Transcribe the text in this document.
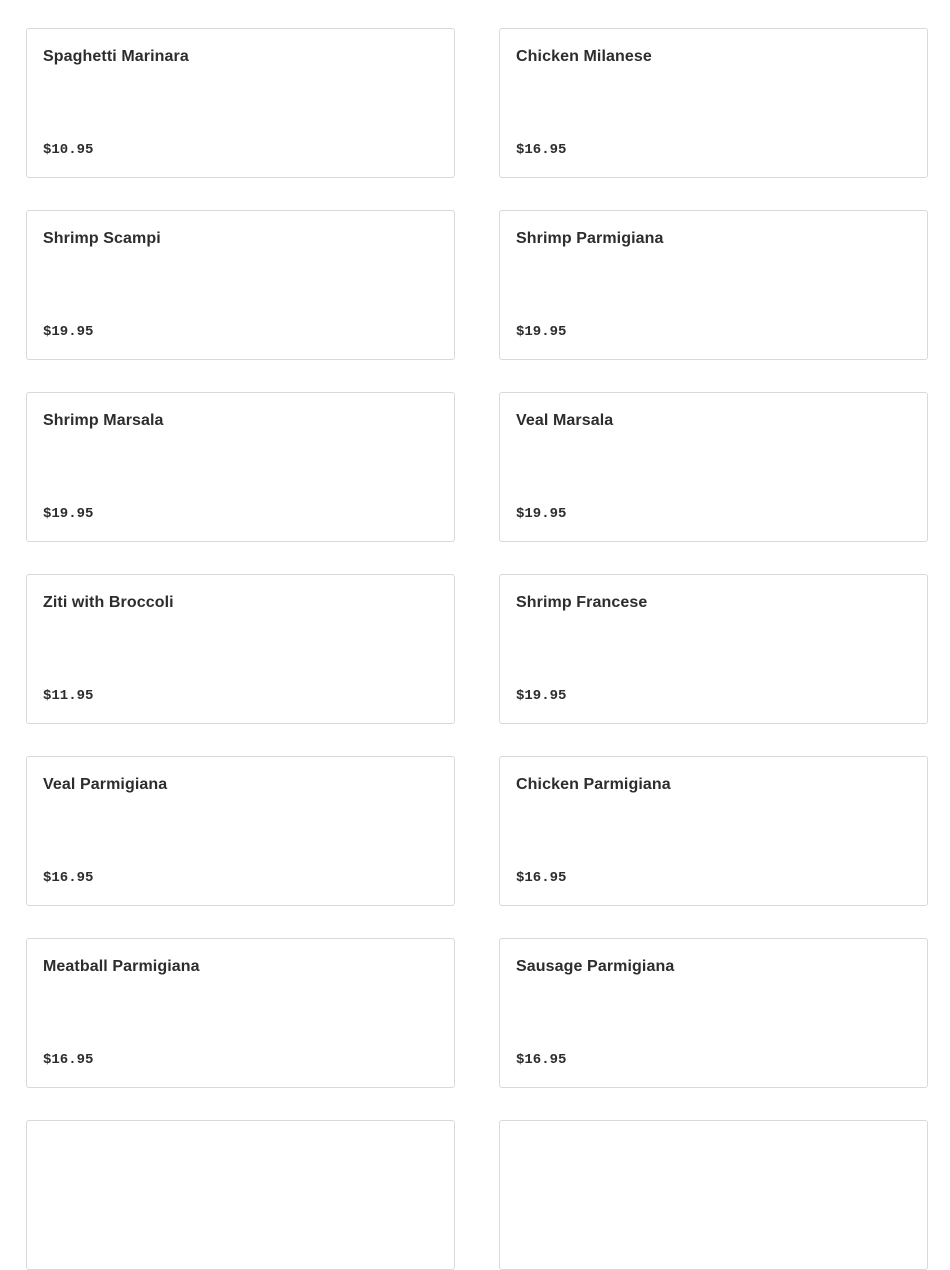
Spaghetti Marinara
$10.95
Chicken Milanese
$16.95
Shrimp Scampi
$19.95
Shrimp Parmigiana
$19.95
Shrimp Marsala
$19.95
Veal Marsala
$19.95
Ziti with Broccoli
$11.95
Shrimp Francese
$19.95
Veal Parmigiana
$16.95
Chicken Parmigiana
$16.95
Meatball Parmigiana
$16.95
Sausage Parmigiana
$16.95
